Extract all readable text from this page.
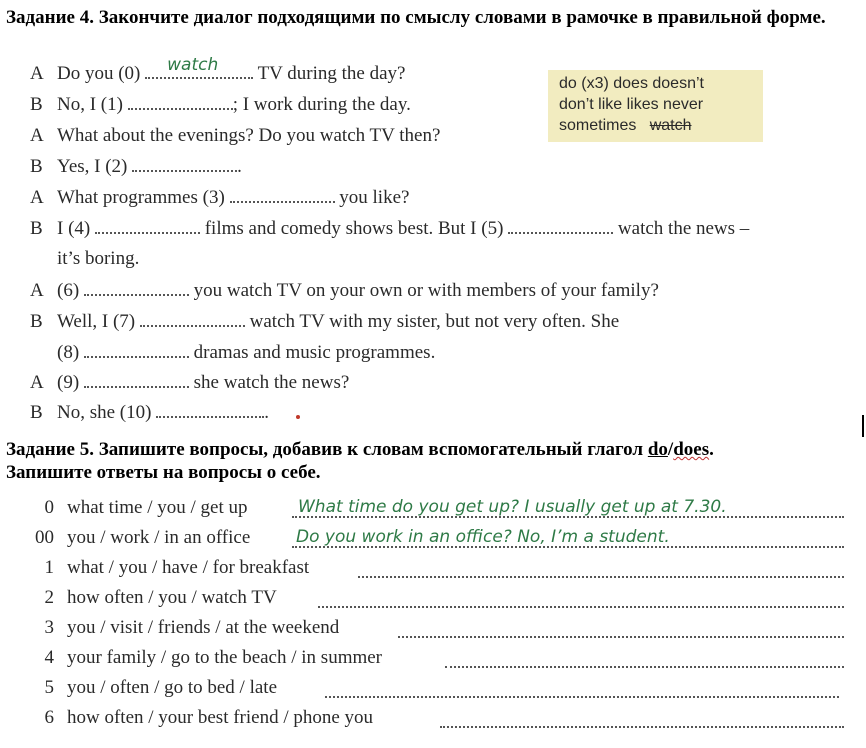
Задание 4. Закончите диалог подходящими по смыслу словами в рамочке в правильной форме.
do (x3) does doesn’t
don’t like likes never
sometimes watch
A Do you (0) watch TV during the day?
B No, I (1)	; I work during the day.
A What about the evenings? Do you watch TV then?
B Yes, I (2)	.
A What programmes (3)	you like?
B I (4)	films and comedy shows best. But I (5)	watch the news –
it’s boring.
A (6)	you watch TV on your own or with members of your family?
B Well, I (7)	watch TV with my sister, but not very often. She
(8)	dramas and music programmes.
A (9)	she watch the news?
B No, she (10)	.
Задание 5. Запишите вопросы, добавив к словам вспомогательный глагол do/does.
Запишите ответы на вопросы о себе.
0 what time / you / get up	What time do you get up? I usually get up at 7.30.
00 you / work / in an office	Do you work in an office? No, I’m a student.
1 what / you / have / for breakfast
2 how often / you / watch TV
3 you / visit / friends / at the weekend
4 your family / go to the beach / in summer
5 you / often / go to bed / late
6 how often / your best friend / phone you
